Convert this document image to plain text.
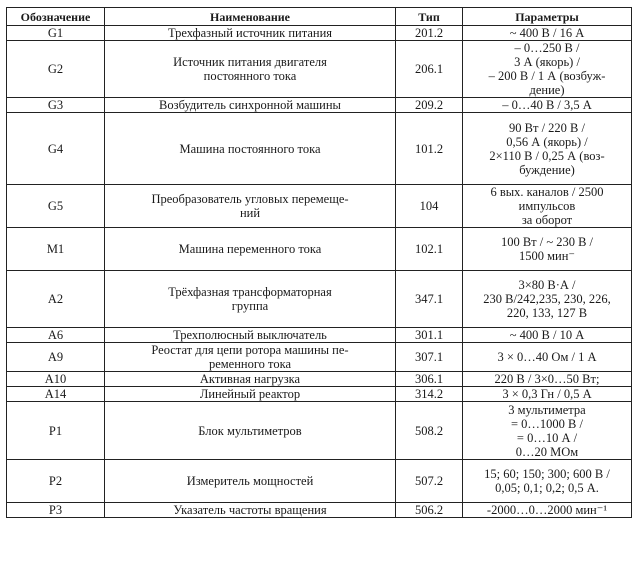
Обозначение	Наименование	Тип	Параметры
G1	Трехфазный источник питания	201.2	~ 400 В / 16 А

G2	Источник питания двигателя
постоянного тока	206.1	– 0…250 В /
3 А (якорь) /
– 200 В / 1 А (возбуж-
дение)

G3	Возбудитель синхронной машины	209.2	– 0…40 В / 3,5 А

G4	Машина постоянного тока	101.2	90 Вт / 220 В /
0,56 А (якорь) /
2×110 В / 0,25 А (воз-
буждение)

G5	Преобразователь угловых перемеще-
ний	104	6 вых. каналов / 2500
импульсов
за оборот

M1	Машина переменного тока	102.1	100 Вт / ~ 230 В /
1500 мин⁻

A2	Трёхфазная трансформаторная
группа	347.1	3×80 В·А /
230 В/242,235, 230, 226,
220, 133, 127 В

A6	Трехполюсный выключатель	301.1	~ 400 В / 10 А

A9	Реостат для цепи ротора машины пе-
ременного тока	307.1	3 × 0…40 Ом / 1 А

A10	Активная нагрузка	306.1	220 В / 3×0…50 Вт;

A14	Линейный реактор	314.2	3 × 0,3 Гн / 0,5 А

P1	Блок мультиметров	508.2	3 мультиметра
= 0…1000 В /
= 0…10 А /
0…20 МОм

P2	Измеритель мощностей	507.2	15; 60; 150; 300; 600 В /
0,05; 0,1; 0,2; 0,5 А.

P3	Указатель частоты вращения	506.2	-2000…0…2000 мин⁻¹
